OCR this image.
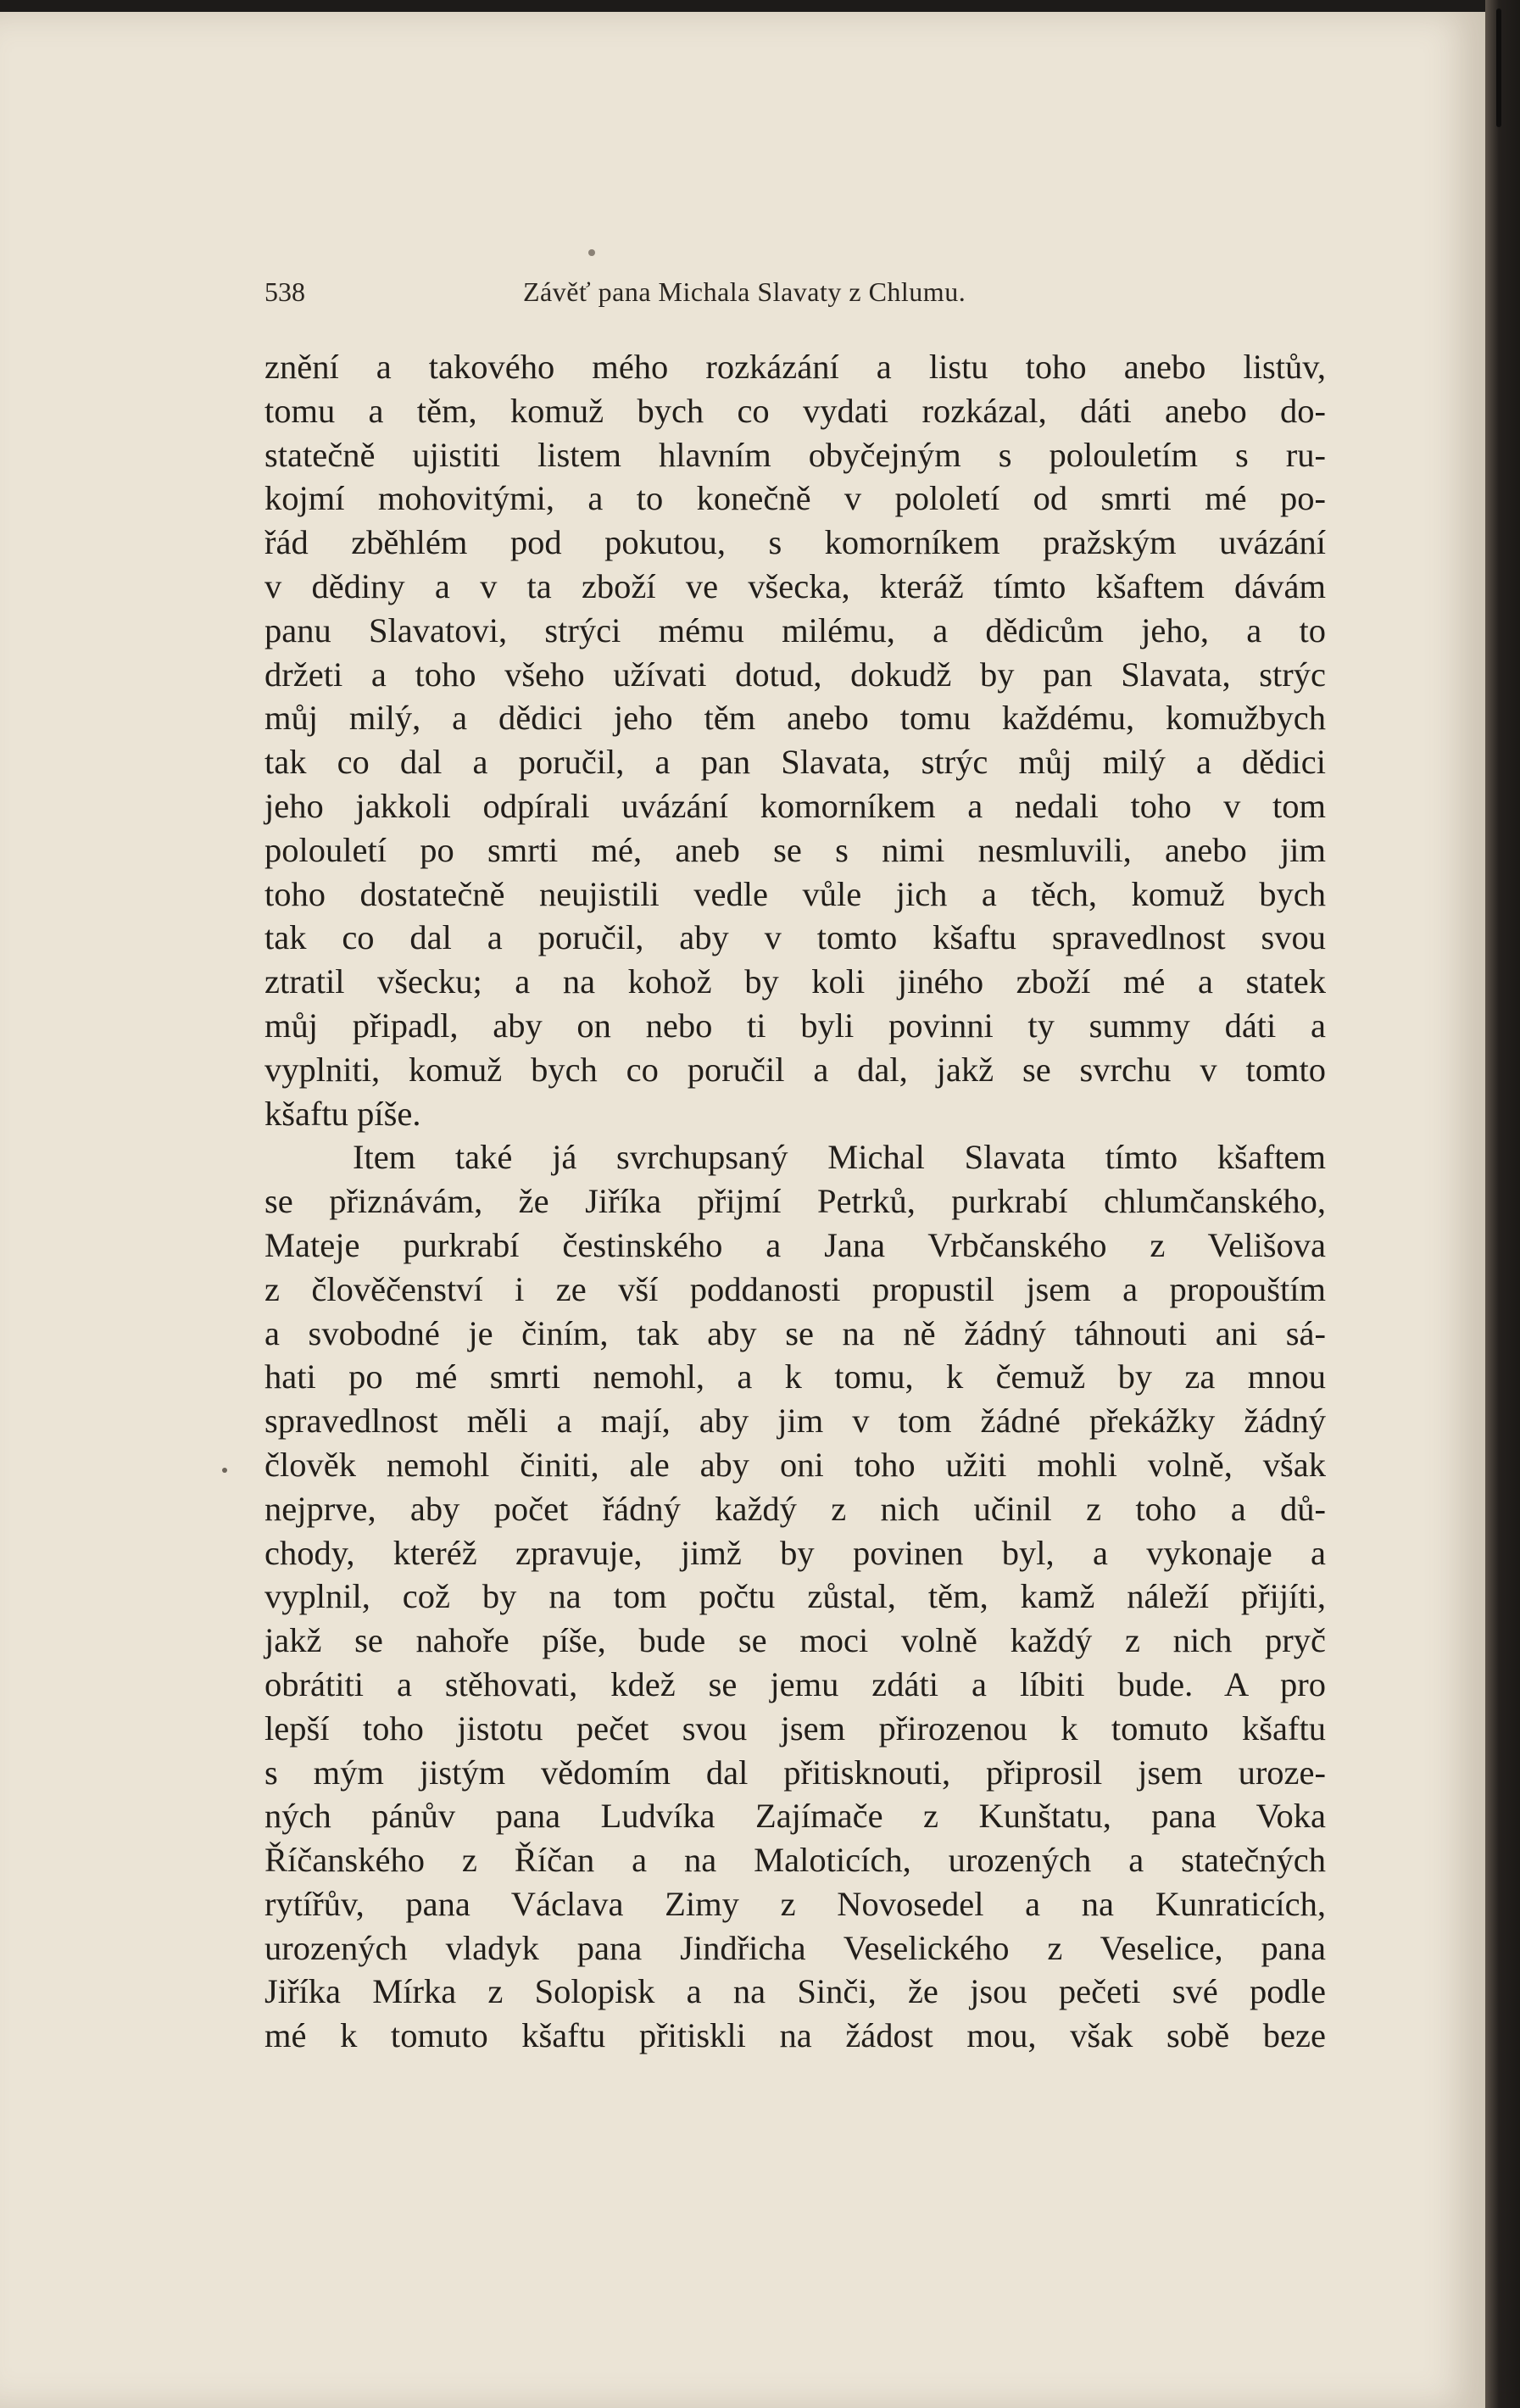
538	Závěť pana Michala Slavaty z Chlumu.
znění a takového mého rozkázání a listu toho anebo listův,
tomu a těm, komuž bych co vydati rozkázal, dáti anebo do-
statečně ujistiti listem hlavním obyčejným s polouletím s ru-
kojmí mohovitými, a to konečně v pololetí od smrti mé po-
řád zběhlém pod pokutou, s komorníkem pražským uvázání
v dědiny a v ta zboží ve všecka, kteráž tímto kšaftem dávám
panu Slavatovi, strýci mému milému, a dědicům jeho, a to
držeti a toho všeho užívati dotud, dokudž by pan Slavata, strýc
můj milý, a dědici jeho těm anebo tomu každému, komužbych
tak co dal a poručil, a pan Slavata, strýc můj milý a dědici
jeho jakkoli odpírali uvázání komorníkem a nedali toho v tom
polouletí po smrti mé, aneb se s nimi nesmluvili, anebo jim
toho dostatečně neujistili vedle vůle jich a těch, komuž bych
tak co dal a poručil, aby v tomto kšaftu spravedlnost svou
ztratil všecku; a na kohož by koli jiného zboží mé a statek
můj připadl, aby on nebo ti byli povinni ty summy dáti a
vyplniti, komuž bych co poručil a dal, jakž se svrchu v tomto
kšaftu píše.
Item také já svrchupsaný Michal Slavata tímto kšaftem
se přiznávám, že Jiříka přijmí Petrků, purkrabí chlumčanského,
Mateje purkrabí čestinského a Jana Vrbčanského z Velišova
z člověčenství i ze vší poddanosti propustil jsem a propouštím
a svobodné je činím, tak aby se na ně žádný táhnouti ani sá-
hati po mé smrti nemohl, a k tomu, k čemuž by za mnou
spravedlnost měli a mají, aby jim v tom žádné překážky žádný
člověk nemohl činiti, ale aby oni toho užiti mohli volně, však
nejprve, aby počet řádný každý z nich učinil z toho a dů-
chody, kteréž zpravuje, jimž by povinen byl, a vykonaje a
vyplnil, což by na tom počtu zůstal, těm, kamž náleží přijíti,
jakž se nahoře píše, bude se moci volně každý z nich pryč
obrátiti a stěhovati, kdež se jemu zdáti a líbiti bude. A pro
lepší toho jistotu pečet svou jsem přirozenou k tomuto kšaftu
s mým jistým vědomím dal přitisknouti, připrosil jsem uroze-
ných pánův pana Ludvíka Zajímače z Kunštatu, pana Voka
Říčanského z Říčan a na Maloticích, urozených a statečných
rytířův, pana Václava Zimy z Novosedel a na Kunraticích,
urozených vladyk pana Jindřicha Veselického z Veselice, pana
Jiříka Mírka z Solopisk a na Sinči, že jsou pečeti své podle
mé k tomuto kšaftu přitiskli na žádost mou, však sobě beze
